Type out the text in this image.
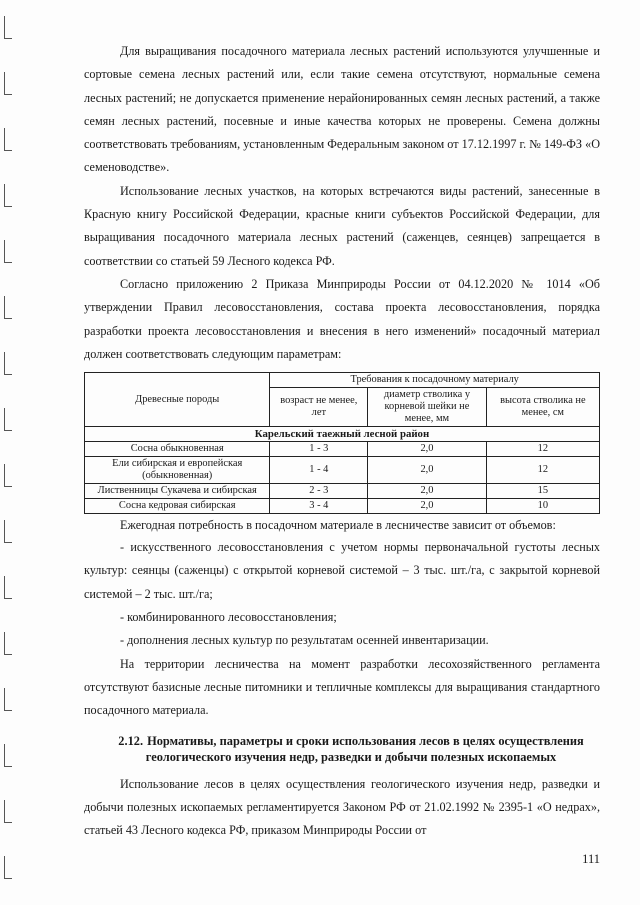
Для выращивания посадочного материала лесных растений используются улучшенные и сортовые семена лесных растений или, если такие семена отсутствуют, нормальные семена лесных растений; не допускается применение нерайонированных семян лесных растений, а также семян лесных растений, посевные и иные качества которых не проверены. Семена должны соответствовать требованиям, установленным Федеральным законом от 17.12.1997 г. № 149-ФЗ «О семеноводстве».

Использование лесных участков, на которых встречаются виды растений, занесенные в Красную книгу Российской Федерации, красные книги субъектов Российской Федерации, для выращивания посадочного материала лесных растений (саженцев, сеянцев) запрещается в соответствии со статьей 59 Лесного кодекса РФ.

Согласно приложению 2 Приказа Минприроды России от 04.12.2020 № 1014 «Об утверждении Правил лесовосстановления, состава проекта лесовосстановления, порядка разработки проекта лесовосстановления и внесения в него изменений» посадочный материал должен соответствовать следующим параметрам:

Древесные породы	Требования к посадочному материалу		
	возраст не менее, лет	диаметр стволика у корневой шейки не менее, мм	высота стволика не менее, см
Карельский таежный лесной район			
Сосна обыкновенная	1 - 3	2,0	12
Ели сибирская и европейская (обыкновенная)	1 - 4	2,0	12
Лиственницы Сукачева и сибирская	2 - 3	2,0	15
Сосна кедровая сибирская	3 - 4	2,0	10

Ежегодная потребность в посадочном материале в лесничестве зависит от объемов:

- искусственного лесовосстановления с учетом нормы первоначальной густоты лесных культур: сеянцы (саженцы) с открытой корневой системой – 3 тыс. шт./га, с закрытой корневой системой – 2 тыс. шт./га;

- комбинированного лесовосстановления;

- дополнения лесных культур по результатам осенней инвентаризации.

На территории лесничества на момент разработки лесохозяйственного регламента отсутствуют базисные лесные питомники и тепличные комплексы для выращивания стандартного посадочного материала.

2.12. Нормативы, параметры и сроки использования лесов в целях осуществления геологического изучения недр, разведки и добычи полезных ископаемых

Использование лесов в целях осуществления геологического изучения недр, разведки и добычи полезных ископаемых регламентируется Законом РФ от 21.02.1992 № 2395-1 «О недрах», статьей 43 Лесного кодекса РФ, приказом Минприроды России от

111
